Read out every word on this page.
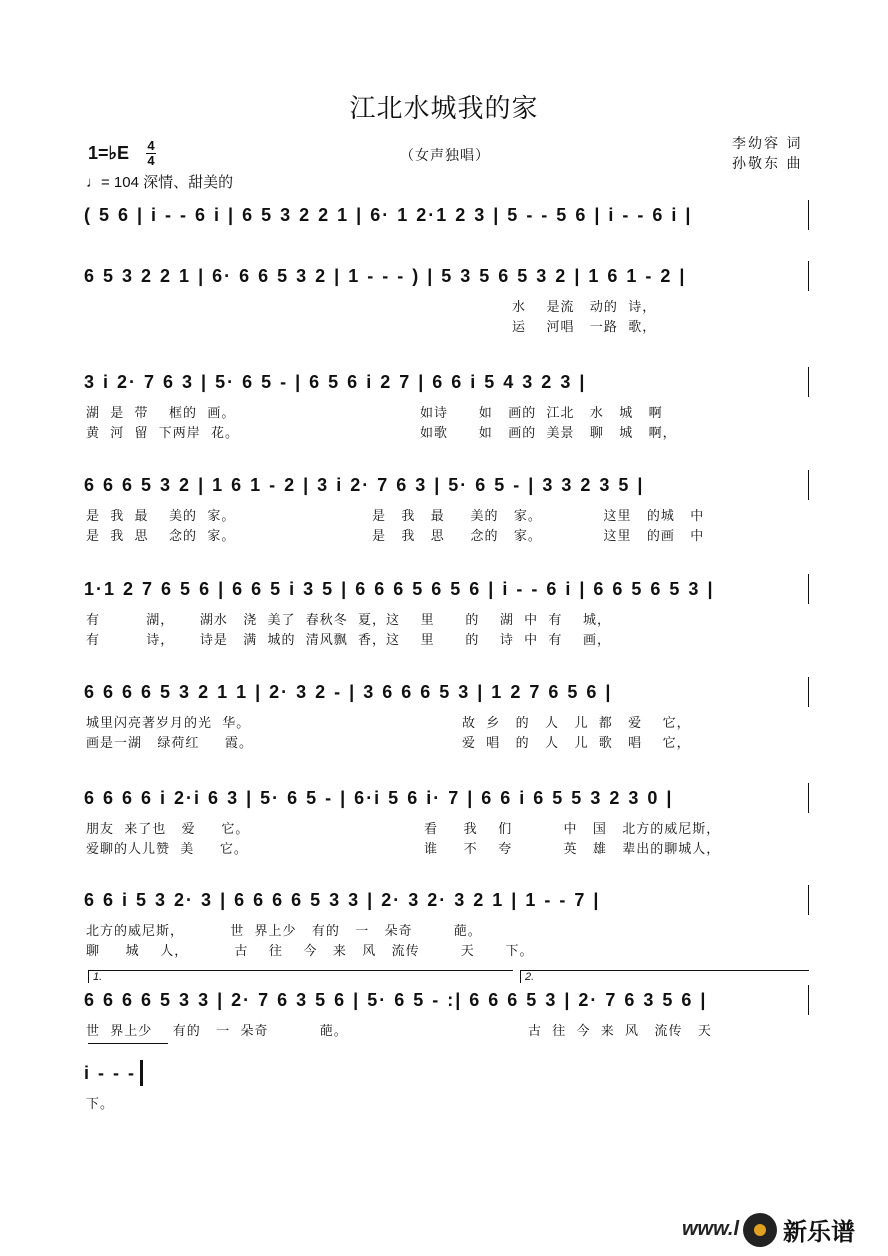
江北水城我的家
1=♭E 4
4
♩= 104 深情、甜美的
（女声独唱）
李幼容 词
孙敬东 曲
( 5 6 | i - - 6 i | 6 5 3 2 2 1 | 6· 1 2·1 2 3 | 5 - - 5 6 | i - - 6 i |
6 5 3 2 2 1 | 6· 6 6 5 3 2 | 1 - - - ) | 5 3 5 6 5 3 2 | 1 6 1 - 2 |
水    是流   动的  诗，
运    河唱   一路  歌，
3 i 2· 7 6 3 | 5· 6 5 - | 6 5 6 i 2 7 | 6 6 i 5 4 3 2 3 |
湖  是  带    框的  画。
黄  河  留  下两岸  花。
如诗      如   画的  江北   水   城   啊
如歌      如   画的  美景   聊   城   啊，
6 6 6 5 3 2 | 1 6 1 - 2 | 3 i 2· 7 6 3 | 5· 6 5 - | 3 3 2 3 5 |
是  我  最    美的  家。
是  我  思    念的  家。
是   我   最     美的   家。            这里   的城   中
是   我   思     念的   家。            这里   的画   中
1·1 2 7 6 5 6 | 6 6 5 i 3 5 | 6 6 6 5 6 5 6 | i - - 6 i | 6 6 5 6 5 3 |
有         湖，     湖水   浇  美了  春秋冬  夏，这    里      的    湖  中  有    城，
有         诗，     诗是   满  城的  清风飘  香，这    里      的    诗  中  有    画，
6 6 6 6 5 3 2 1 1 | 2· 3 2 - | 3 6 6 6 5 3 | 1 2 7 6 5 6 |
城里闪亮著岁月的光  华。
画是一湖   绿荷红     霞。
故  乡   的   人   儿  都   爱    它，
爱  唱   的   人   儿  歌   唱    它，
6 6 6 6 i 2·i 6 3 | 5· 6 5 - | 6·i 5 6 i· 7 | 6 6 i 6 5 5 3 2 3 0 |
朋友  来了也   爱     它。
爱聊的人儿赞  美     它。
看     我    们          中   国   北方的威尼斯，
谁     不    夸          英   雄   辈出的聊城人，
6 6 i 5 3 2· 3 | 6 6 6 6 5 3 3 | 2· 3 2· 3 2 1 | 1 - - 7 |
北方的威尼斯，         世  界上少   有的   一   朵奇        葩。
聊     城    人，         古    往    今   来   风   流传        天      下。
1.	2.
6 6 6 6 5 3 3 | 2· 7 6 3 5 6 | 5· 6 5 - :| 6 6 6 5 3 | 2· 7 6 3 5 6 |
世  界上少    有的   一  朵奇          葩。	古  往  今  来  风   流传   天
i - - -
下。
www.l 新乐谱
